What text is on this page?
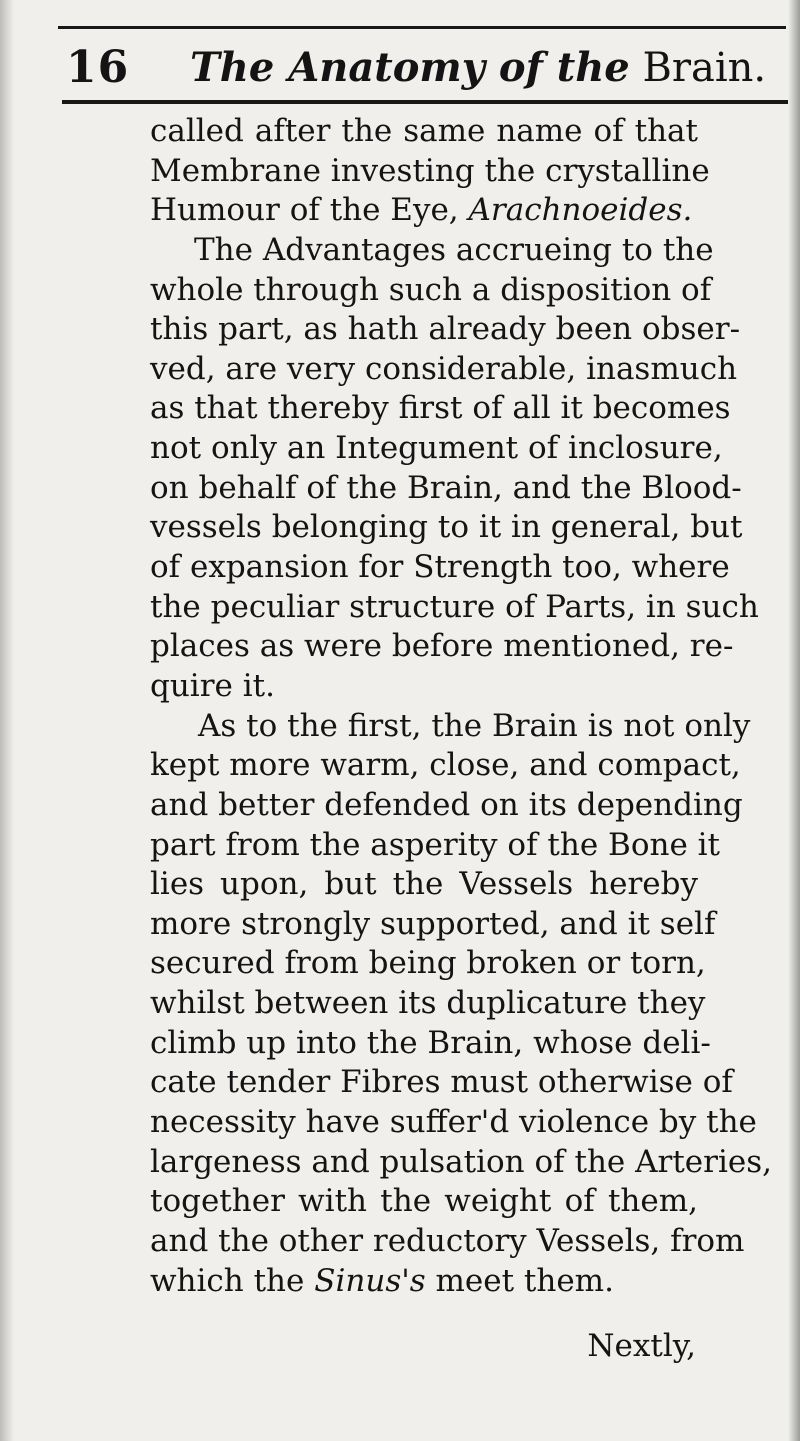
16 The Anatomy of the Brain.
called after the same name of that
Membrane investing the crystalline
Humour of the Eye, Arachnoeides.
The Advantages accrueing to the
whole through such a disposition of
this part, as hath already been obser-
ved, are very considerable, inasmuch
as that thereby first of all it becomes
not only an Integument of inclosure,
on behalf of the Brain, and the Blood-
vessels belonging to it in general, but
of expansion for Strength too, where
the peculiar structure of Parts, in such
places as were before mentioned, re-
quire it.
As to the first, the Brain is not only
kept more warm, close, and compact,
and better defended on its depending
part from the asperity of the Bone it
lies upon, but the Vessels hereby
more strongly supported, and it self
secured from being broken or torn,
whilst between its duplicature they
climb up into the Brain, whose deli-
cate tender Fibres must otherwise of
necessity have suffer'd violence by the
largeness and pulsation of the Arteries,
together with the weight of them,
and the other reductory Vessels, from
which the Sinus's meet them.
Nextly,
